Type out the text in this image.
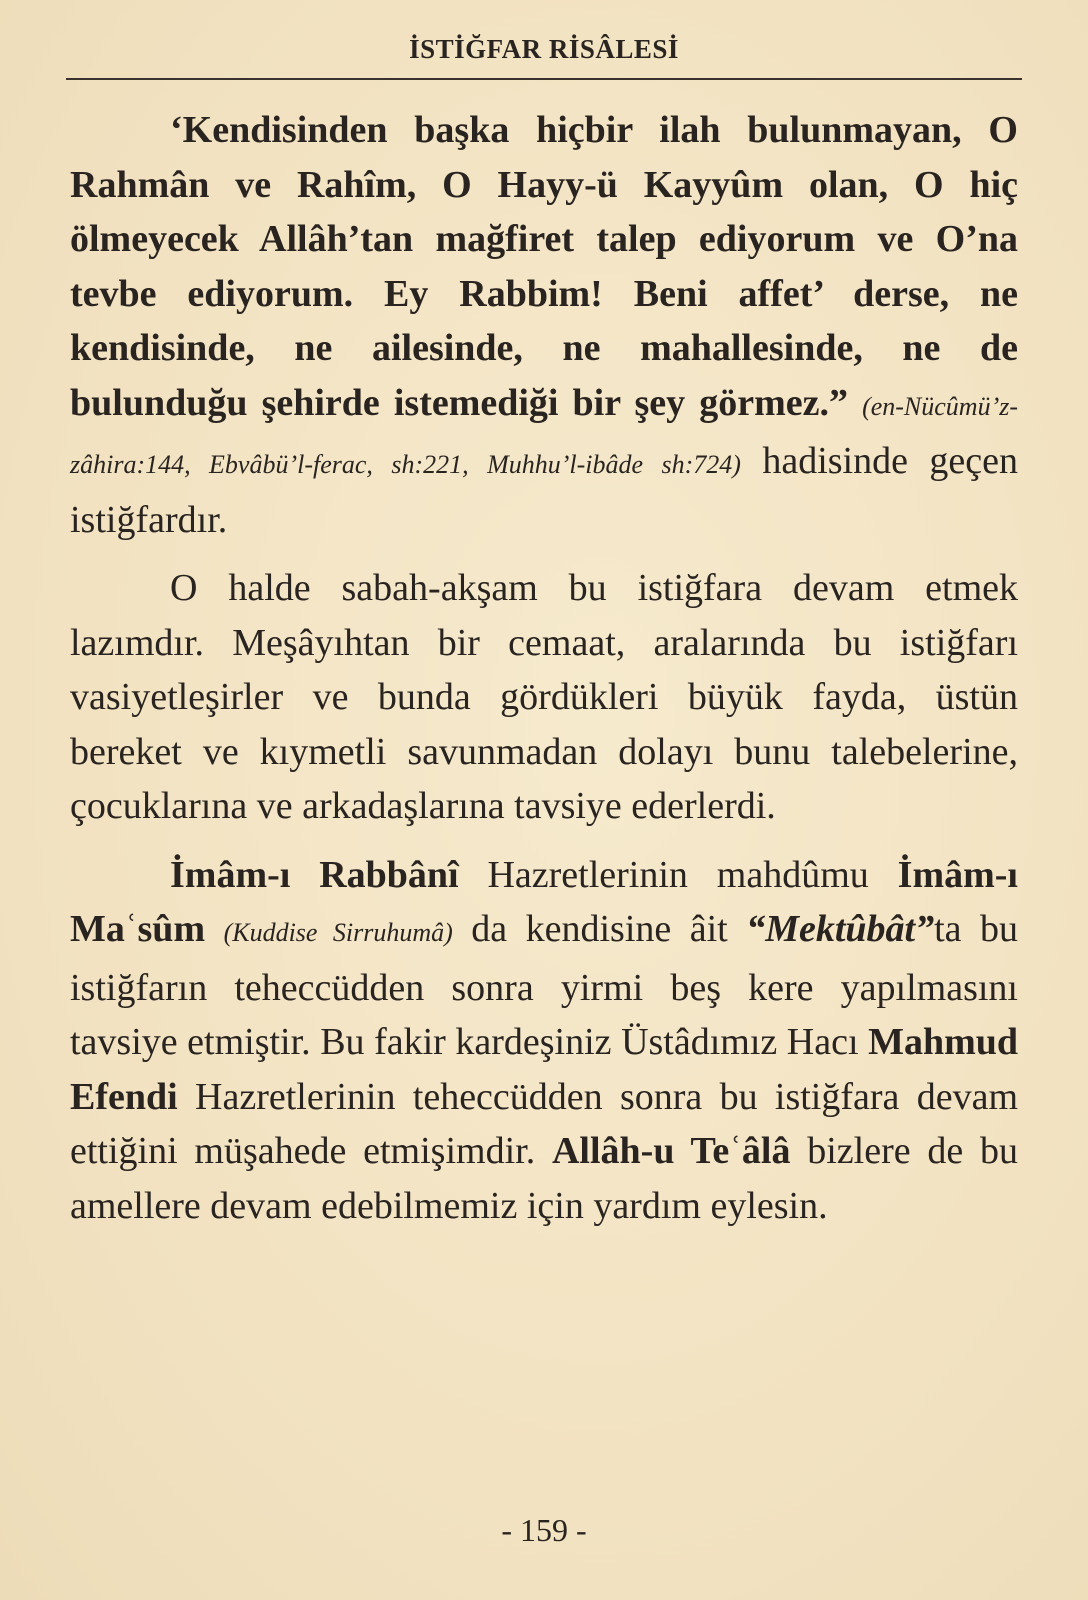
İSTİĞFAR RİSÂLESİ

‘Kendisinden başka hiçbir ilah bulunmayan, O Rahmân ve Rahîm, O Hayy-ü Kayyûm olan, O hiç ölmeyecek Allâh’tan mağfiret talep ediyorum ve O’na tevbe ediyorum. Ey Rabbim! Beni affet’ derse, ne kendisinde, ne ailesinde, ne mahallesinde, ne de bulunduğu şehirde istemediği bir şey görmez.” (en-Nücûmü’z-zâhira:144, Ebvâbü’l-ferac, sh:221, Muhhu’l-ibâde sh:724) hadisinde geçen istiğfardır.

O halde sabah-akşam bu istiğfara devam etmek lazımdır. Meşâyıhtan bir cemaat, aralarında bu istiğfarı vasiyetleşirler ve bunda gördükleri büyük fayda, üstün bereket ve kıymetli savunmadan dolayı bunu talebelerine, çocuklarına ve arkadaşlarına tavsiye ederlerdi.

İmâm-ı Rabbânî Hazretlerinin mahdûmu İmâm-ı Maʿsûm (Kuddise Sirruhumâ) da kendisine âit “Mektûbât”ta bu istiğfarın teheccüdden sonra yirmi beş kere yapılmasını tavsiye etmiştir. Bu fakir kardeşiniz Üstâdımız Hacı Mahmud Efendi Hazretlerinin teheccüdden sonra bu istiğfara devam ettiğini müşahede etmişimdir. Allâh-u Teʿâlâ bizlere de bu amellere devam edebilmemiz için yardım eylesin.

- 159 -
